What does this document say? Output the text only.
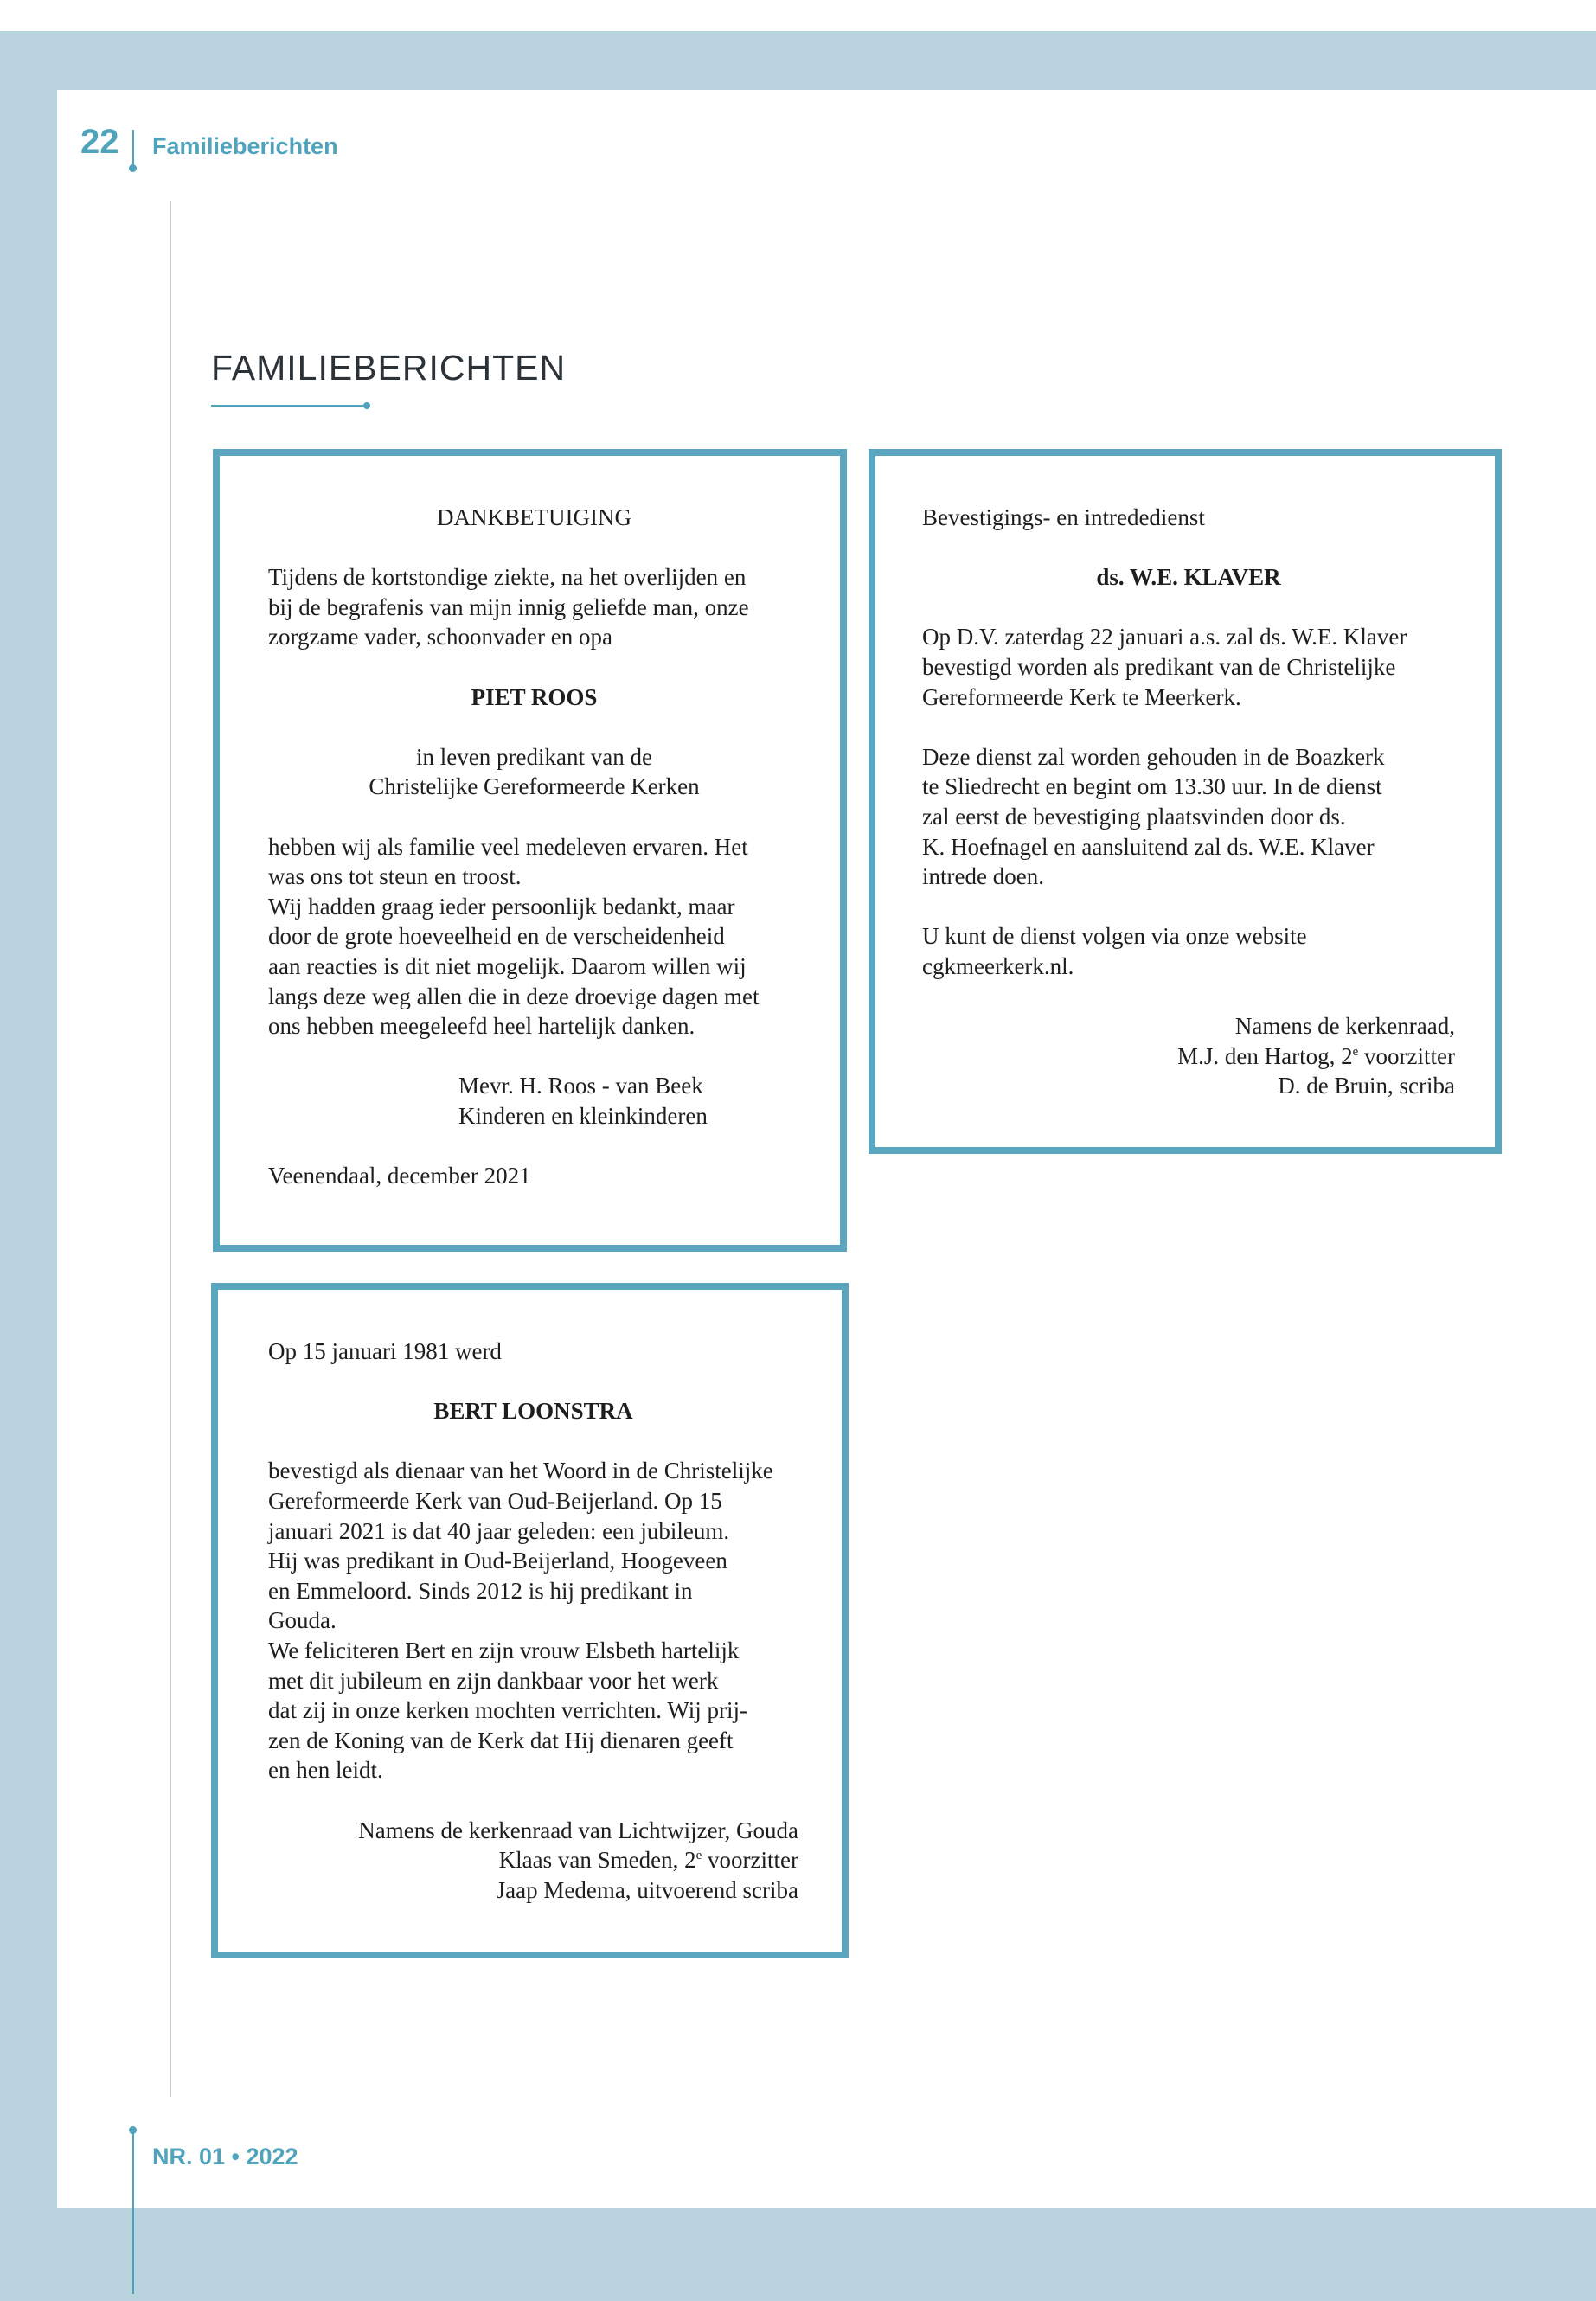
22 Familieberichten
FAMILIEBERICHTEN

DANKBETUIGING

Tijdens de kortstondige ziekte, na het overlijden en

bij de begrafenis van mijn innig geliefde man, onze

zorgzame vader, schoonvader en opa

PIET ROOS

in leven predikant van de

Christelijke Gereformeerde Kerken

hebben wij als familie veel medeleven ervaren. Het

was ons tot steun en troost.

Wij hadden graag ieder persoonlijk bedankt, maar

door de grote hoeveelheid en de verscheidenheid

aan reacties is dit niet mogelijk. Daarom willen wij

langs deze weg allen die in deze droevige dagen met

ons hebben meegeleefd heel hartelijk danken.

Mevr. H. Roos - van Beek

Kinderen en kleinkinderen

Veenendaal, december 2021

Bevestigings- en intrededienst

ds. W.E. KLAVER

Op D.V. zaterdag 22 januari a.s. zal ds. W.E. Klaver

bevestigd worden als predikant van de Christelijke

Gereformeerde Kerk te Meerkerk.

Deze dienst zal worden gehouden in de Boazkerk

te Sliedrecht en begint om 13.30 uur. In de dienst

zal eerst de bevestiging plaatsvinden door ds.

K. Hoefnagel en aansluitend zal ds. W.E. Klaver

intrede doen.

U kunt de dienst volgen via onze website

cgkmeerkerk.nl.

Namens de kerkenraad,

M.J. den Hartog, 2e voorzitter

D. de Bruin, scriba

Op 15 januari 1981 werd

BERT LOONSTRA

bevestigd als dienaar van het Woord in de Christelijke

Gereformeerde Kerk van Oud-Beijerland. Op 15

januari 2021 is dat 40 jaar geleden: een jubileum.

Hij was predikant in Oud-Beijerland, Hoogeveen

en Emmeloord. Sinds 2012 is hij predikant in

Gouda.

We feliciteren Bert en zijn vrouw Elsbeth hartelijk

met dit jubileum en zijn dankbaar voor het werk

dat zij in onze kerken mochten verrichten. Wij prij-

zen de Koning van de Kerk dat Hij dienaren geeft

en hen leidt.

Namens de kerkenraad van Lichtwijzer, Gouda

Klaas van Smeden, 2e voorzitter

Jaap Medema, uitvoerend scriba

NR. 01 • 2022
